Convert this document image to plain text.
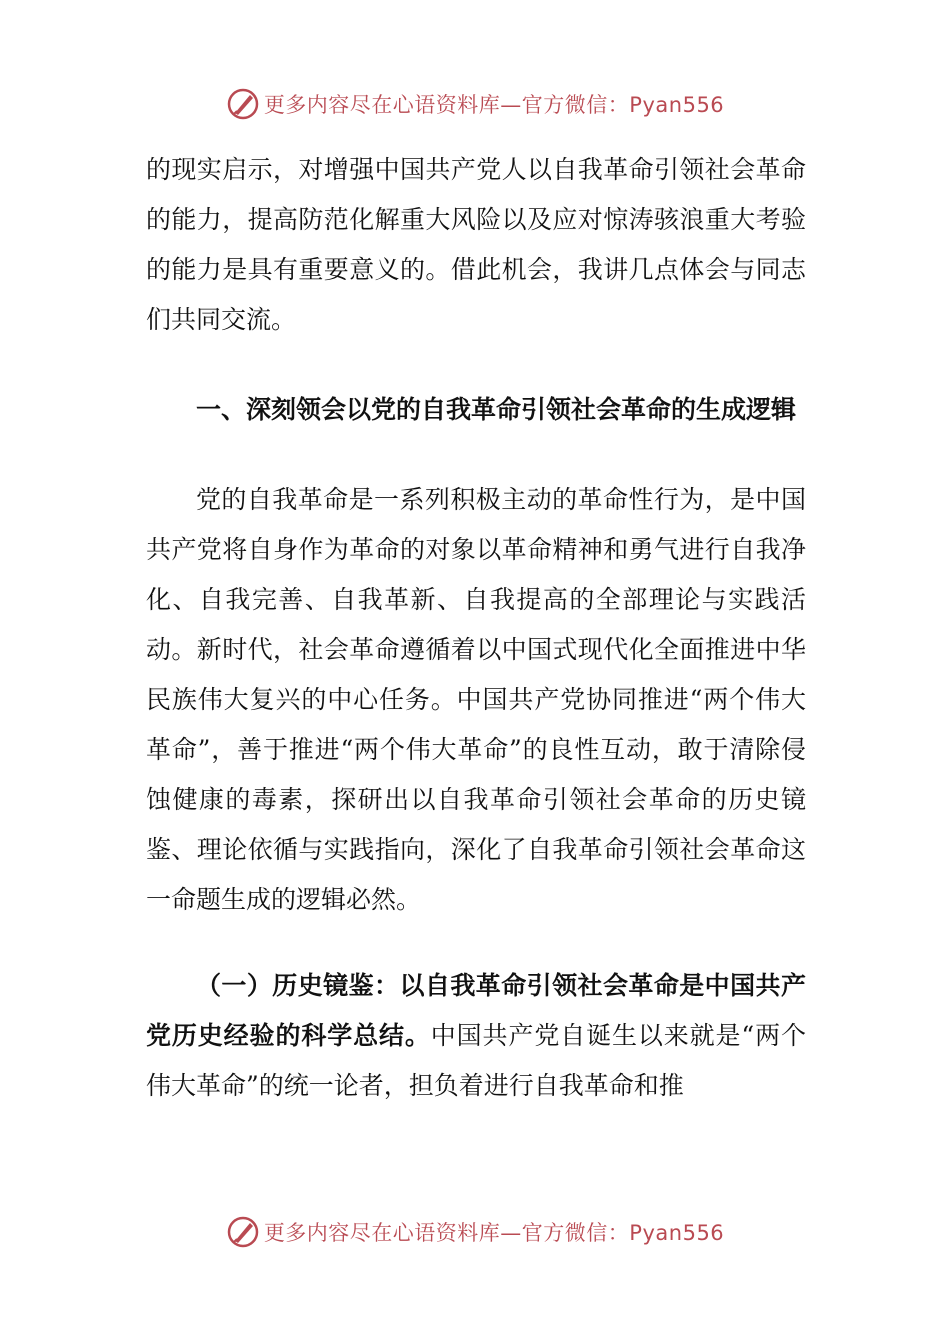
更多内容尽在心语资料库—官方微信：Pyan556

的现实启示，对增强中国共产党人以自我革命引领社会革命的能力，提高防范化解重大风险以及应对惊涛骇浪重大考验的能力是具有重要意义的。借此机会，我讲几点体会与同志们共同交流。

一、深刻领会以党的自我革命引领社会革命的生成逻辑

党的自我革命是一系列积极主动的革命性行为，是中国共产党将自身作为革命的对象以革命精神和勇气进行自我净化、自我完善、自我革新、自我提高的全部理论与实践活动。新时代，社会革命遵循着以中国式现代化全面推进中华民族伟大复兴的中心任务。中国共产党协同推进“两个伟大革命”，善于推进“两个伟大革命”的良性互动，敢于清除侵蚀健康的毒素，探研出以自我革命引领社会革命的历史镜鉴、理论依循与实践指向，深化了自我革命引领社会革命这一命题生成的逻辑必然。

（一）历史镜鉴：以自我革命引领社会革命是中国共产党历史经验的科学总结。中国共产党自诞生以来就是“两个伟大革命”的统一论者，担负着进行自我革命和推

更多内容尽在心语资料库—官方微信：Pyan556
